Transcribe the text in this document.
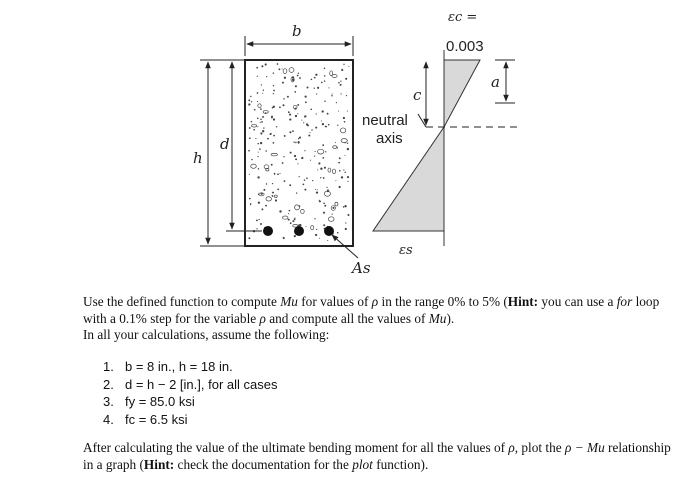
b
h
d
c
a
εc =
0.003
neutral
axis
εs
As
Use the defined function to compute Mu for values of ρ in the range 0% to 5% (Hint: you can use a for loop with a 0.1% step for the variable ρ and compute all the values of Mu).
In all your calculations, assume the following:
1. b = 8 in., h = 18 in.
2. d = h − 2 [in.], for all cases
3. fy = 85.0 ksi
4. fc = 6.5 ksi
After calculating the value of the ultimate bending moment for all the values of ρ, plot the ρ − Mu relationship in a graph (Hint: check the documentation for the plot function).
